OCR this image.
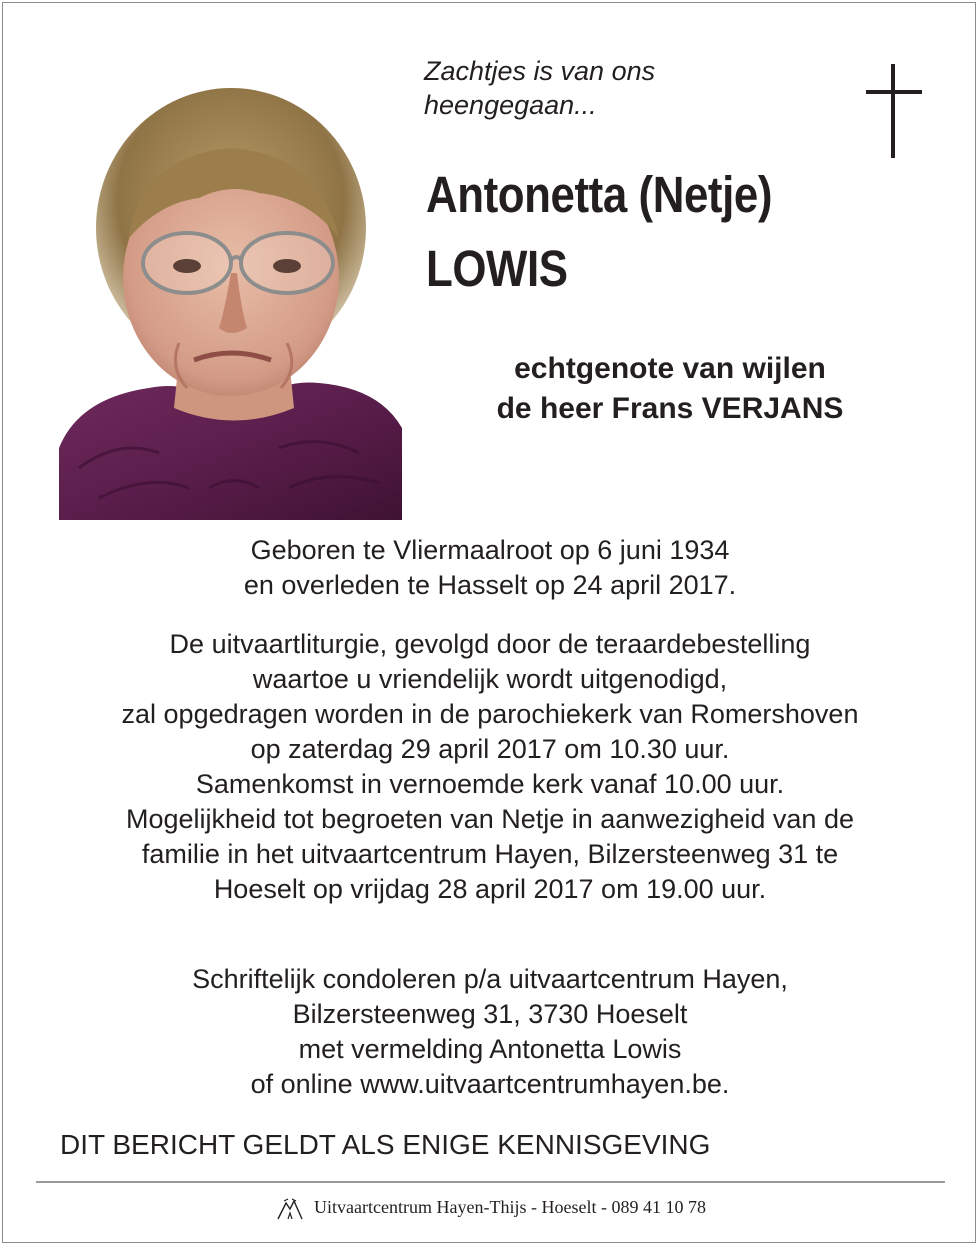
Zachtjes is van ons
heengegaan...
Antonetta (Netje)
LOWIS
echtgenote van wijlen
de heer Frans VERJANS
Geboren te Vliermaalroot op 6 juni 1934
en overleden te Hasselt op 24 april 2017.
De uitvaartliturgie, gevolgd door de teraardebestelling
waartoe u vriendelijk wordt uitgenodigd,
zal opgedragen worden in de parochiekerk van Romershoven
op zaterdag 29 april 2017 om 10.30 uur.
Samenkomst in vernoemde kerk vanaf 10.00 uur.
Mogelijkheid tot begroeten van Netje in aanwezigheid van de
familie in het uitvaartcentrum Hayen, Bilzersteenweg 31 te
Hoeselt op vrijdag 28 april 2017 om 19.00 uur.
Schriftelijk condoleren p/a uitvaartcentrum Hayen,
Bilzersteenweg 31, 3730 Hoeselt
met vermelding Antonetta Lowis
of online www.uitvaartcentrumhayen.be.
DIT BERICHT GELDT ALS ENIGE KENNISGEVING
Uitvaartcentrum Hayen-Thijs - Hoeselt - 089 41 10 78
